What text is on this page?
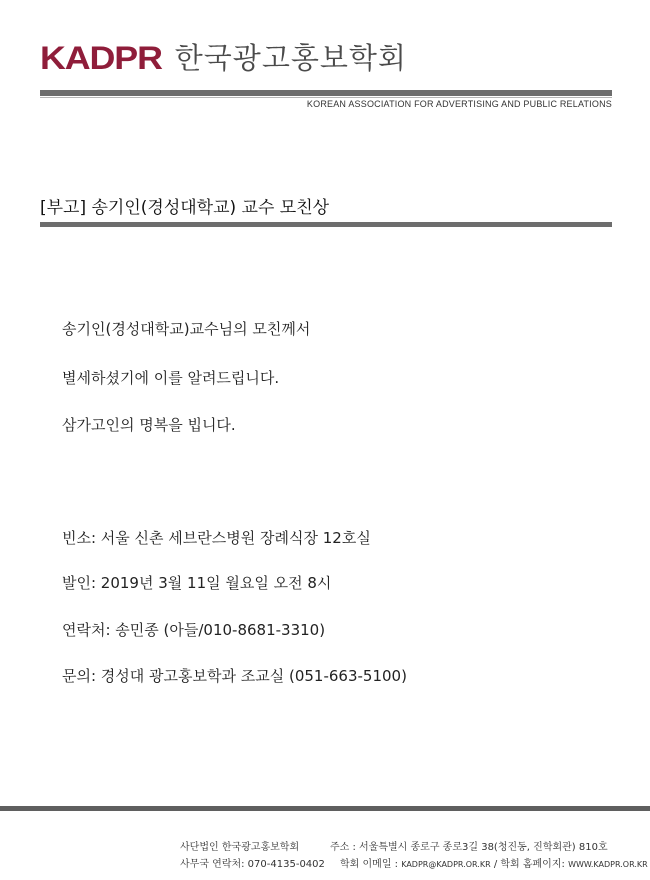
KADPR 한국광고홍보학회
KOREAN ASSOCIATION FOR ADVERTISING AND PUBLIC RELATIONS
[부고] 송기인(경성대학교) 교수 모친상
송기인(경성대학교)교수님의 모친께서
별세하셨기에 이를 알려드립니다.
삼가고인의 명복을 빕니다.
빈소: 서울 신촌 세브란스병원 장례식장 12호실
발인: 2019년 3월 11일 월요일 오전 8시
연락처: 송민종 (아들/010-8681-3310)
문의: 경성대 광고홍보학과 조교실 (051-663-5100)
사단법인 한국광고홍보학회
사무국 연락처: 070-4135-0402
주소 : 서울특별시 종로구 종로3길 38(청진동, 진학회관) 810호
학회 이메일 : KADPR@KADPR.OR.KR / 학회 홈페이지: WWW.KADPR.OR.KR
